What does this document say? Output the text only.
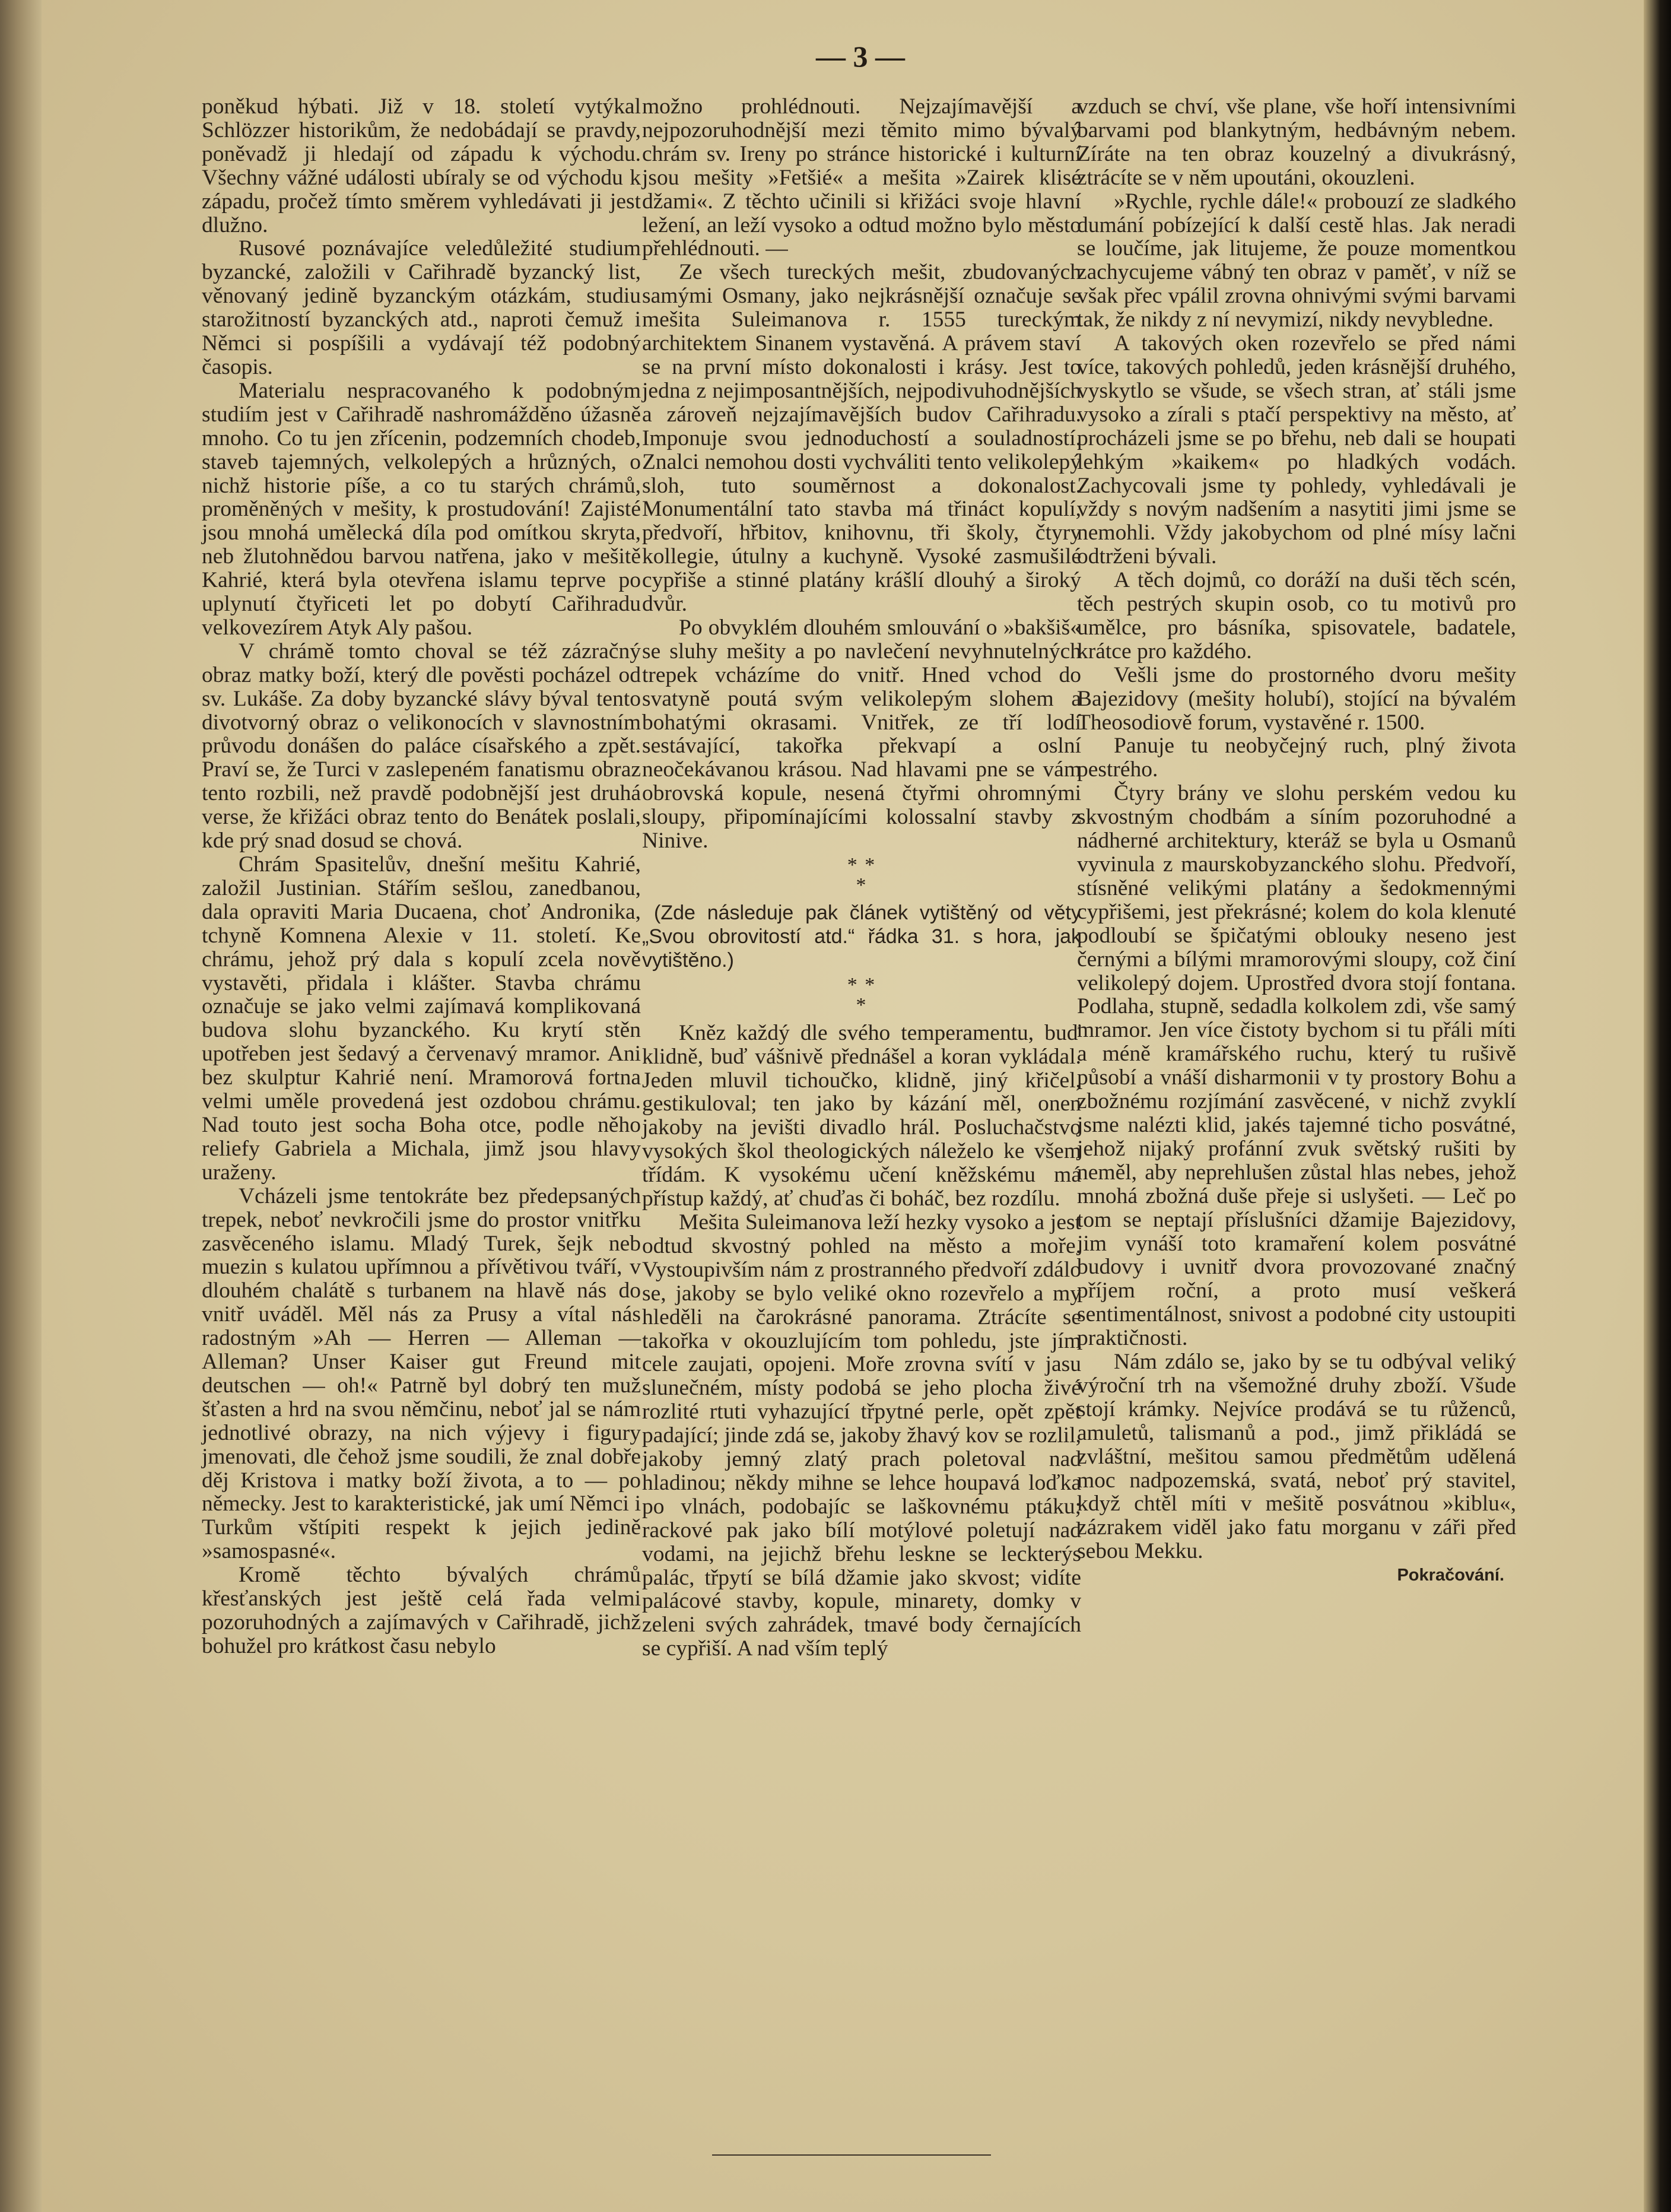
— 3 —

poněkud hýbati. Již v 18. století vytýkal Schlözzer historikům, že nedobádají se pravdy, poněvadž ji hledají od západu k východu. Všechny vážné události ubíraly se od východu k západu, pročež tímto směrem vyhledávati ji jest dlužno.

Rusové poznávajíce veledůležité studium byzancké, založili v Cařihradě byzancký list, věnovaný jedině byzanckým otázkám, studiu starožitností byzanckých atd., naproti čemuž i Němci si pospíšili a vydávají též podobný časopis.

Materialu nespracovaného k podobným studiím jest v Cařihradě nashromážděno úžasně mnoho. Co tu jen zřícenin, podzemních chodeb, staveb tajemných, velkolepých a hrůzných, o nichž historie píše, a co tu starých chrámů, proměněných v mešity, k prostudování! Zajisté jsou mnohá umělecká díla pod omítkou skryta, neb žlutohnědou barvou natřena, jako v mešitě Kahrié, která byla otevřena islamu teprve po uplynutí čtyřiceti let po dobytí Cařihradu velkovezírem Atyk Aly pašou.

V chrámě tomto choval se též zázračný obraz matky boží, který dle pověsti pocházel od sv. Lukáše. Za doby byzancké slávy býval tento divotvorný obraz o velikonocích v slavnostním průvodu donášen do paláce císařského a zpět. Praví se, že Turci v zaslepeném fanatismu obraz tento rozbili, než pravdě podobnější jest druhá verse, že křižáci obraz tento do Benátek poslali, kde prý snad dosud se chová.

Chrám Spasitelův, dnešní mešitu Kahrié, založil Justinian. Stářím sešlou, zanedbanou, dala opraviti Maria Ducaena, choť Andronika, tchyně Komnena Alexie v 11. století. Ke chrámu, jehož prý dala s kopulí zcela nově vystavěti, přidala i klášter. Stavba chrámu označuje se jako velmi zajímavá komplikovaná budova slohu byzanckého. Ku krytí stěn upotřeben jest šedavý a červenavý mramor. Ani bez skulptur Kahrié není. Mramorová fortna velmi uměle provedená jest ozdobou chrámu. Nad touto jest socha Boha otce, podle něho reliefy Gabriela a Michala, jimž jsou hlavy uraženy.

Vcházeli jsme tentokráte bez předepsaných trepek, neboť nevkročili jsme do prostor vnitřku zasvěceného islamu. Mladý Turek, šejk neb muezin s kulatou upřímnou a přívětivou tváří, v dlouhém chalátě s turbanem na hlavě nás do vnitř uváděl. Měl nás za Prusy a vítal nás radostným »Ah — Herren — Alleman — Alleman? Unser Kaiser gut Freund mit deutschen — oh!« Patrně byl dobrý ten muž šťasten a hrd na svou němčinu, neboť jal se nám jednotlivé obrazy, na nich výjevy i figury jmenovati, dle čehož jsme soudili, že znal dobře děj Kristova i matky boží života, a to — po německy. Jest to karakteristické, jak umí Němci i Turkům vštípiti respekt k jejich jedině »samospasné«.

Kromě těchto bývalých chrámů křesťanských jest ještě celá řada velmi pozoruhodných a zajímavých v Cařihradě, jichž bohužel pro krátkost času nebylo

možno prohlédnouti. Nejzajímavější a nejpozoruhodnější mezi těmito mimo bývalý chrám sv. Ireny po stránce historické i kulturní jsou mešity »Fetšié« a mešita »Zairek klisé džami«. Z těchto učinili si křižáci svoje hlavní ležení, an leží vysoko a odtud možno bylo město přehlédnouti. —

Ze všech tureckých mešit, zbudovaných samými Osmany, jako nejkrásnější označuje se mešita Suleimanova r. 1555 tureckým architektem Sinanem vystavěná. A právem staví se na první místo dokonalosti i krásy. Jest to jedna z nejimposantnějších, nejpodivuhodnějších a zároveň nejzajímavějších budov Cařihradu. Imponuje svou jednoduchostí a souladností. Znalci nemohou dosti vychváliti tento velikolepý sloh, tuto souměrnost a dokonalost. Monumentální tato stavba má třináct kopulí, předvoří, hřbitov, knihovnu, tři školy, čtyry kollegie, útulny a kuchyně. Vysoké zasmušilé cypřiše a stinné platány krášlí dlouhý a široký dvůr.

Po obvyklém dlouhém smlouvání o »bakšiš« se sluhy mešity a po navlečení nevyhnutelných trepek vcházíme do vnitř. Hned vchod do svatyně poutá svým velikolepým slohem a bohatými okrasami. Vnitřek, ze tří lodí sestávající, takořka překvapí a oslní neočekávanou krásou. Nad hlavami pne se vám obrovská kopule, nesená čtyřmi ohromnými sloupy, připomínajícími kolossalní stavby z Ninive.

* *
*

(Zde následuje pak článek vytištěný od věty „Svou obrovitostí atd.“ řádka 31. s hora, jak vytištěno.)

* *
*

Kněz každý dle svého temperamentu, buď klidně, buď vášnivě přednášel a koran vykládal. Jeden mluvil tichoučko, klidně, jiný křičel, gestikuloval; ten jako by kázání měl, onen jakoby na jevišti divadlo hrál. Posluchačstvo vysokých škol theologických náleželo ke všem třídám. K vysokému učení kněžskému má přístup každý, ať chuďas či boháč, bez rozdílu.

Mešita Suleimanova leží hezky vysoko a jest odtud skvostný pohled na město a moře. Vystoupivším nám z prostranného předvoří zdálo se, jakoby se bylo veliké okno rozevřelo a my hleděli na čarokrásné panorama. Ztrácíte se takořka v okouzlujícím tom pohledu, jste jím cele zaujati, opojeni. Moře zrovna svítí v jasu slunečném, místy podobá se jeho plocha živé rozlité rtuti vyhazující třpytné perle, opět zpět padající; jinde zdá se, jakoby žhavý kov se rozlil, jakoby jemný zlatý prach poletoval nad hladinou; někdy mihne se lehce houpavá loďka po vlnách, podobajíc se laškovnému ptáku; rackové pak jako bílí motýlové poletují nad vodami, na jejichž břehu leskne se leckterýs palác, třpytí se bílá džamie jako skvost; vidíte palácové stavby, kopule, minarety, domky v zeleni svých zahrádek, tmavé body černajících se cypřiší. A nad vším teplý

vzduch se chví, vše plane, vše hoří intensivními barvami pod blankytným, hedbávným nebem. Zíráte na ten obraz kouzelný a divukrásný, ztrácíte se v něm upoutáni, okouzleni.

»Rychle, rychle dále!« probouzí ze sladkého dumání pobízející k další cestě hlas. Jak neradi se loučíme, jak litujeme, že pouze momentkou zachycujeme vábný ten obraz v paměť, v níž se však přec vpálil zrovna ohnivými svými barvami tak, že nikdy z ní nevymizí, nikdy nevybledne.

A takových oken rozevřelo se před námi více, takových pohledů, jeden krásnější druhého, vyskytlo se všude, se všech stran, ať stáli jsme vysoko a zírali s ptačí perspektivy na město, ať procházeli jsme se po břehu, neb dali se houpati lehkým »kaikem« po hladkých vodách. Zachycovali jsme ty pohledy, vyhledávali je vždy s novým nadšením a nasytiti jimi jsme se nemohli. Vždy jakobychom od plné mísy lačni odtrženi bývali.

A těch dojmů, co doráží na duši těch scén, těch pestrých skupin osob, co tu motivů pro umělce, pro básníka, spisovatele, badatele, krátce pro každého.

Vešli jsme do prostorného dvoru mešity Bajezidovy (mešity holubí), stojící na bývalém Theosodiově forum, vystavěné r. 1500.

Panuje tu neobyčejný ruch, plný života pestrého.

Čtyry brány ve slohu perském vedou ku skvostným chodbám a síním pozoruhodné a nádherné architektury, kteráž se byla u Osmanů vyvinula z maurskobyzanckého slohu. Předvoří, stísněné velikými platány a šedokmennými cypřišemi, jest překrásné; kolem do kola klenuté podloubí se špičatými oblouky neseno jest černými a bílými mramorovými sloupy, což činí velikolepý dojem. Uprostřed dvora stojí fontana. Podlaha, stupně, sedadla kolkolem zdi, vše samý mramor. Jen více čistoty bychom si tu přáli míti a méně kramářského ruchu, který tu rušivě působí a vnáší disharmonii v ty prostory Bohu a zbožnému rozjímání zasvěcené, v nichž zvyklí jsme nalézti klid, jakés tajemné ticho posvátné, jehož nijaký profánní zvuk světský rušiti by neměl, aby neprehlušen zůstal hlas nebes, jehož mnohá zbožná duše přeje si uslyšeti. — Leč po tom se neptají příslušníci džamije Bajezidovy, jim vynáší toto kramaření kolem posvátné budovy i uvnitř dvora provozované značný příjem roční, a proto musí veškerá sentimentálnost, snivost a podobné city ustoupiti praktičnosti.

Nám zdálo se, jako by se tu odbýval veliký výroční trh na všemožné druhy zboží. Všude stojí krámky. Nejvíce prodává se tu růženců, amuletů, talismanů a pod., jimž přikládá se zvláštní, mešitou samou předmětům udělená moc nadpozemská, svatá, neboť prý stavitel, když chtěl míti v mešitě posvátnou »kiblu«, zázrakem viděl jako fatu morganu v záři před sebou Mekku.

Pokračování.
